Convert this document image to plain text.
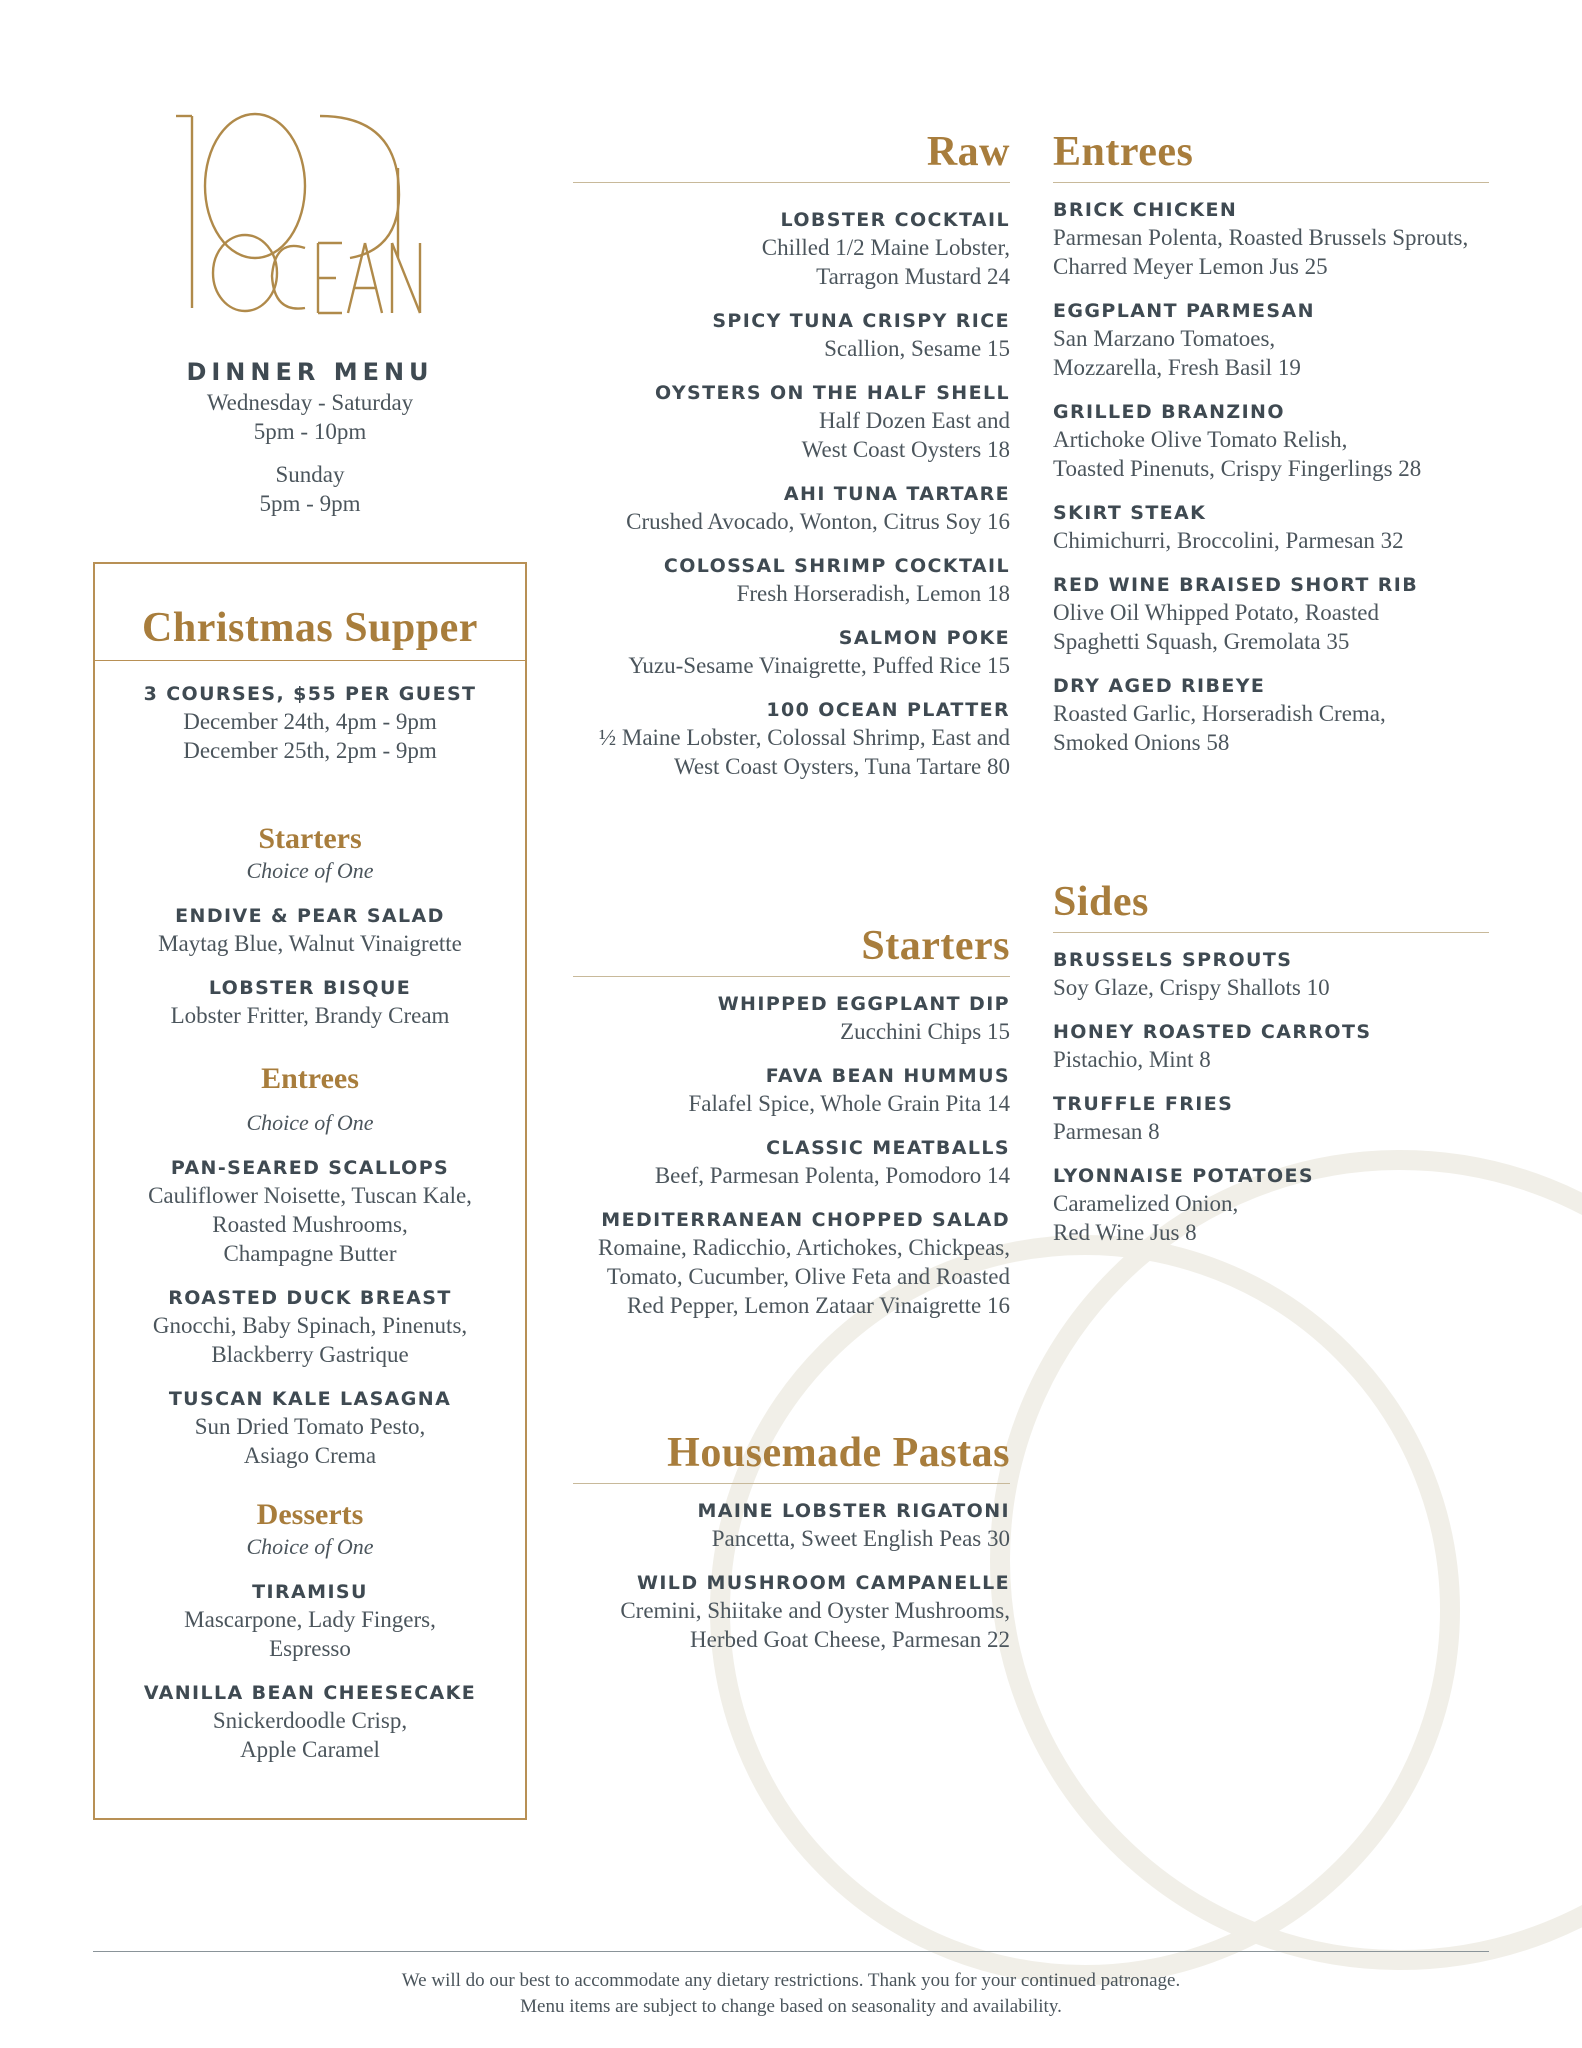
DINNER MENU
Wednesday - Saturday
5pm - 10pm
Sunday
5pm - 9pm
Christmas Supper
3 COURSES, $55 PER GUEST
December 24th, 4pm - 9pm
December 25th, 2pm - 9pm
Starters
Choice of One
ENDIVE & PEAR SALAD
Maytag Blue, Walnut Vinaigrette
LOBSTER BISQUE
Lobster Fritter, Brandy Cream
Entrees
Choice of One
PAN-SEARED SCALLOPS
Cauliflower Noisette, Tuscan Kale,
Roasted Mushrooms,
Champagne Butter
ROASTED DUCK BREAST
Gnocchi, Baby Spinach, Pinenuts,
Blackberry Gastrique
TUSCAN KALE LASAGNA
Sun Dried Tomato Pesto,
Asiago Crema
Desserts
Choice of One
TIRAMISU
Mascarpone, Lady Fingers,
Espresso
VANILLA BEAN CHEESECAKE
Snickerdoodle Crisp,
Apple Caramel
Raw
LOBSTER COCKTAIL
Chilled 1/2 Maine Lobster,
Tarragon Mustard 24
SPICY TUNA CRISPY RICE
Scallion, Sesame 15
OYSTERS ON THE HALF SHELL
Half Dozen East and
West Coast Oysters 18
AHI TUNA TARTARE
Crushed Avocado, Wonton, Citrus Soy 16
COLOSSAL SHRIMP COCKTAIL
Fresh Horseradish, Lemon 18
SALMON POKE
Yuzu-Sesame Vinaigrette, Puffed Rice 15
100 OCEAN PLATTER
½ Maine Lobster, Colossal Shrimp, East and
West Coast Oysters, Tuna Tartare 80
Starters
WHIPPED EGGPLANT DIP
Zucchini Chips 15
FAVA BEAN HUMMUS
Falafel Spice, Whole Grain Pita 14
CLASSIC MEATBALLS
Beef, Parmesan Polenta, Pomodoro 14
MEDITERRANEAN CHOPPED SALAD
Romaine, Radicchio, Artichokes, Chickpeas,
Tomato, Cucumber, Olive Feta and Roasted
Red Pepper, Lemon Zataar Vinaigrette 16
Housemade Pastas
MAINE LOBSTER RIGATONI
Pancetta, Sweet English Peas 30
WILD MUSHROOM CAMPANELLE
Cremini, Shiitake and Oyster Mushrooms,
Herbed Goat Cheese, Parmesan 22
Entrees
BRICK CHICKEN
Parmesan Polenta, Roasted Brussels Sprouts,
Charred Meyer Lemon Jus 25
EGGPLANT PARMESAN
San Marzano Tomatoes,
Mozzarella, Fresh Basil 19
GRILLED BRANZINO
Artichoke Olive Tomato Relish,
Toasted Pinenuts, Crispy Fingerlings 28
SKIRT STEAK
Chimichurri, Broccolini, Parmesan 32
RED WINE BRAISED SHORT RIB
Olive Oil Whipped Potato, Roasted
Spaghetti Squash, Gremolata 35
DRY AGED RIBEYE
Roasted Garlic, Horseradish Crema,
Smoked Onions 58
Sides
BRUSSELS SPROUTS
Soy Glaze, Crispy Shallots 10
HONEY ROASTED CARROTS
Pistachio, Mint 8
TRUFFLE FRIES
Parmesan 8
LYONNAISE POTATOES
Caramelized Onion,
Red Wine Jus 8
We will do our best to accommodate any dietary restrictions. Thank you for your continued patronage.
Menu items are subject to change based on seasonality and availability.
